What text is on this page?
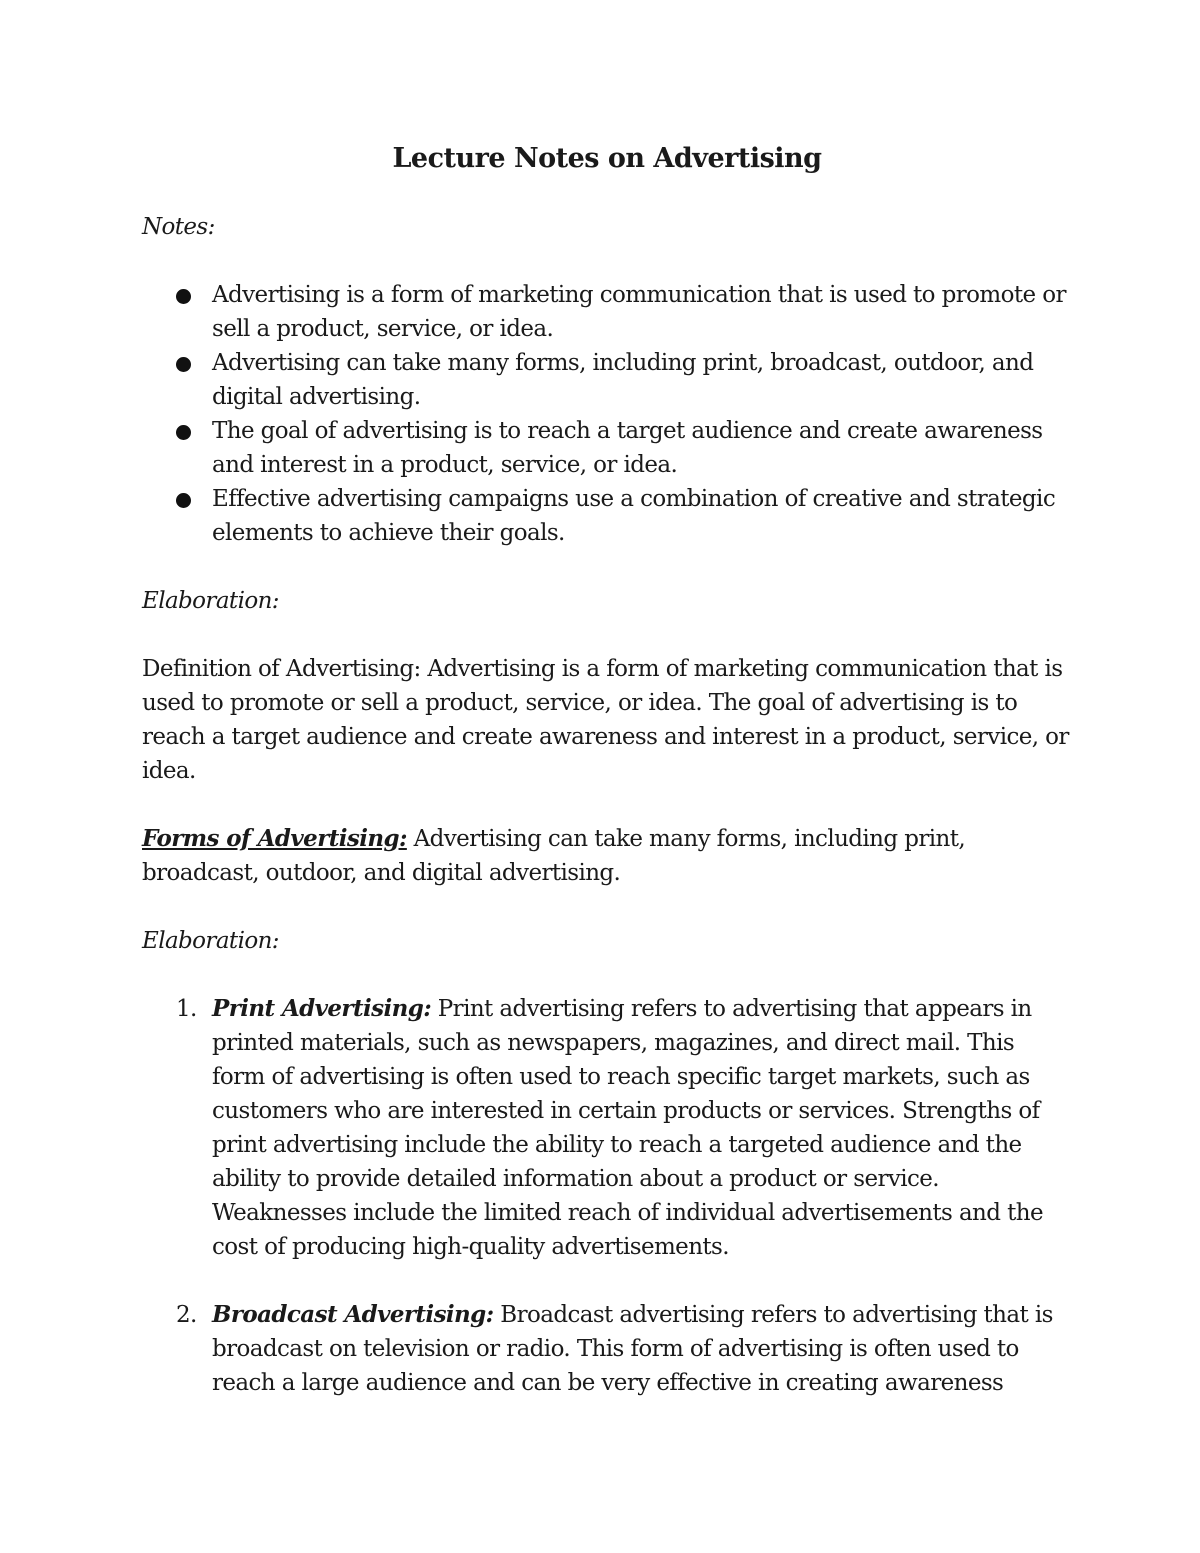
Lecture Notes on Advertising

Notes:

Advertising is a form of marketing communication that is used to promote or sell a product, service, or idea.
Advertising can take many forms, including print, broadcast, outdoor, and digital advertising.
The goal of advertising is to reach a target audience and create awareness and interest in a product, service, or idea.
Effective advertising campaigns use a combination of creative and strategic elements to achieve their goals.

Elaboration:

Definition of Advertising: Advertising is a form of marketing communication that is used to promote or sell a product, service, or idea. The goal of advertising is to reach a target audience and create awareness and interest in a product, service, or idea.

Forms of Advertising: Advertising can take many forms, including print, broadcast, outdoor, and digital advertising.

Elaboration:

1. Print Advertising: Print advertising refers to advertising that appears in printed materials, such as newspapers, magazines, and direct mail. This form of advertising is often used to reach specific target markets, such as customers who are interested in certain products or services. Strengths of print advertising include the ability to reach a targeted audience and the ability to provide detailed information about a product or service. Weaknesses include the limited reach of individual advertisements and the cost of producing high-quality advertisements.
2. Broadcast Advertising: Broadcast advertising refers to advertising that is broadcast on television or radio. This form of advertising is often used to reach a large audience and can be very effective in creating awareness
